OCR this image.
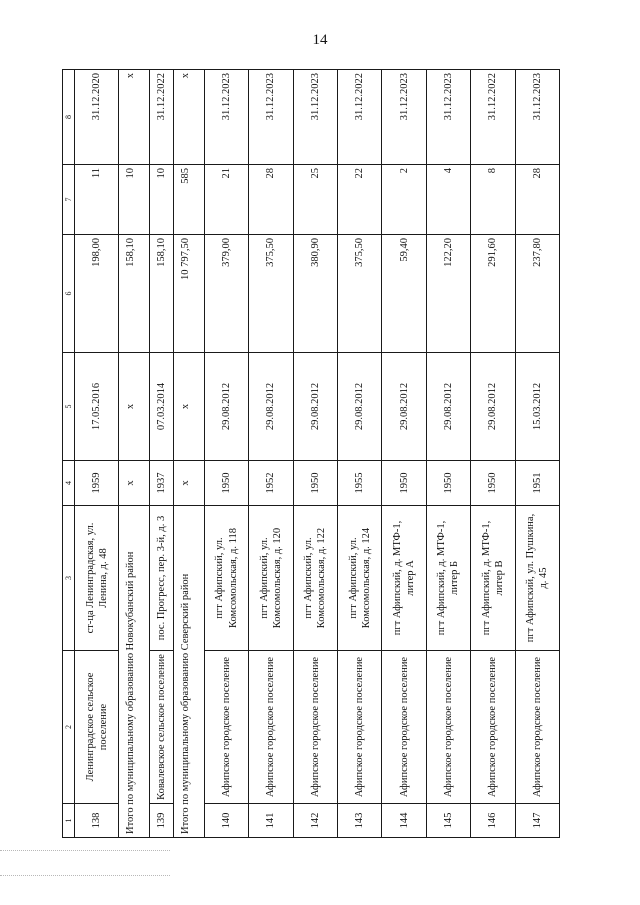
14
1	2	3	4	5	6	7	8
138	Ленинградское сельское поселение	ст-ца Ленинградская, ул. Ленина, д. 48	1959	17.05.2016	198,00	11	31.12.2020
Итого по муниципальному образованию Новокубанский район			x	x	158,10	10	x
139	Ковалевское сельское поселение	пос. Прогресс, пер. 3-й, д. 3	1937	07.03.2014	158,10	10	31.12.2022
Итого по муниципальному образованию Северский район			x	x	10 797,50	585	x
140	Афипское городское поселение	пгт Афипский, ул. Комсомольская, д. 118	1950	29.08.2012	379,00	21	31.12.2023
141	Афипское городское поселение	пгт Афипский, ул. Комсомольская, д. 120	1952	29.08.2012	375,50	28	31.12.2023
142	Афипское городское поселение	пгт Афипский, ул. Комсомольская, д. 122	1950	29.08.2012	380,90	25	31.12.2023
143	Афипское городское поселение	пгт Афипский, ул. Комсомольская, д. 124	1955	29.08.2012	375,50	22	31.12.2022
144	Афипское городское поселение	пгт Афипский, д. МТФ-1, литер А	1950	29.08.2012	59,40	2	31.12.2023
145	Афипское городское поселение	пгт Афипский, д. МТФ-1, литер Б	1950	29.08.2012	122,20	4	31.12.2023
146	Афипское городское поселение	пгт Афипский, д. МТФ-1, литер В	1950	29.08.2012	291,60	8	31.12.2022
147	Афипское городское поселение	пгт Афипский, ул. Пушкина, д. 45	1951	15.03.2012	237,80	28	31.12.2023
